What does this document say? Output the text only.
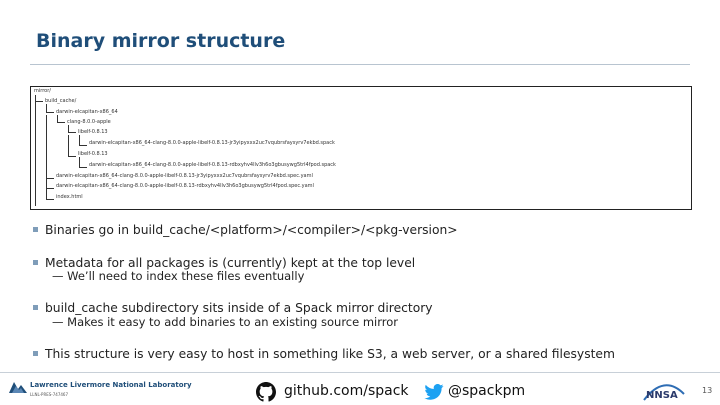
Binary mirror structure
mirror/
build_cache/
darwin-elcapitan-x86_64
clang-8.0.0-apple
libelf-0.8.13
darwin-elcapitan-x86_64-clang-8.0.0-apple-libelf-0.8.13-jr3yipyxxx2uc7vqubrsfaysyrv7ekbd.spack
libelf-0.8.13
darwin-elcapitan-x86_64-clang-8.0.0-apple-libelf-0.8.13-rdbxyhv4llv3h6o3gbusywg5trl4fpod.spack
darwin-elcapitan-x86_64-clang-8.0.0-apple-libelf-0.8.13-jr3yipyxxx2uc7vqubrsfaysyrv7ekbd.spec.yaml
darwin-elcapitan-x86_64-clang-8.0.0-apple-libelf-0.8.13-rdbxyhv4llv3h6o3gbusywg5trl4fpod.spec.yaml
index.html
Binaries go in build_cache/<platform>/<compiler>/<pkg-version>
Metadata for all packages is (currently) kept at the top level
— We’ll need to index these files eventually
build_cache subdirectory sits inside of a Spack mirror directory
— Makes it easy to add binaries to an existing source mirror
This structure is very easy to host in something like S3, a web server, or a shared filesystem
Lawrence Livermore National Laboratory
LLNL-PRES-747467	github.com/spack	@spackpm	NNSA	13
